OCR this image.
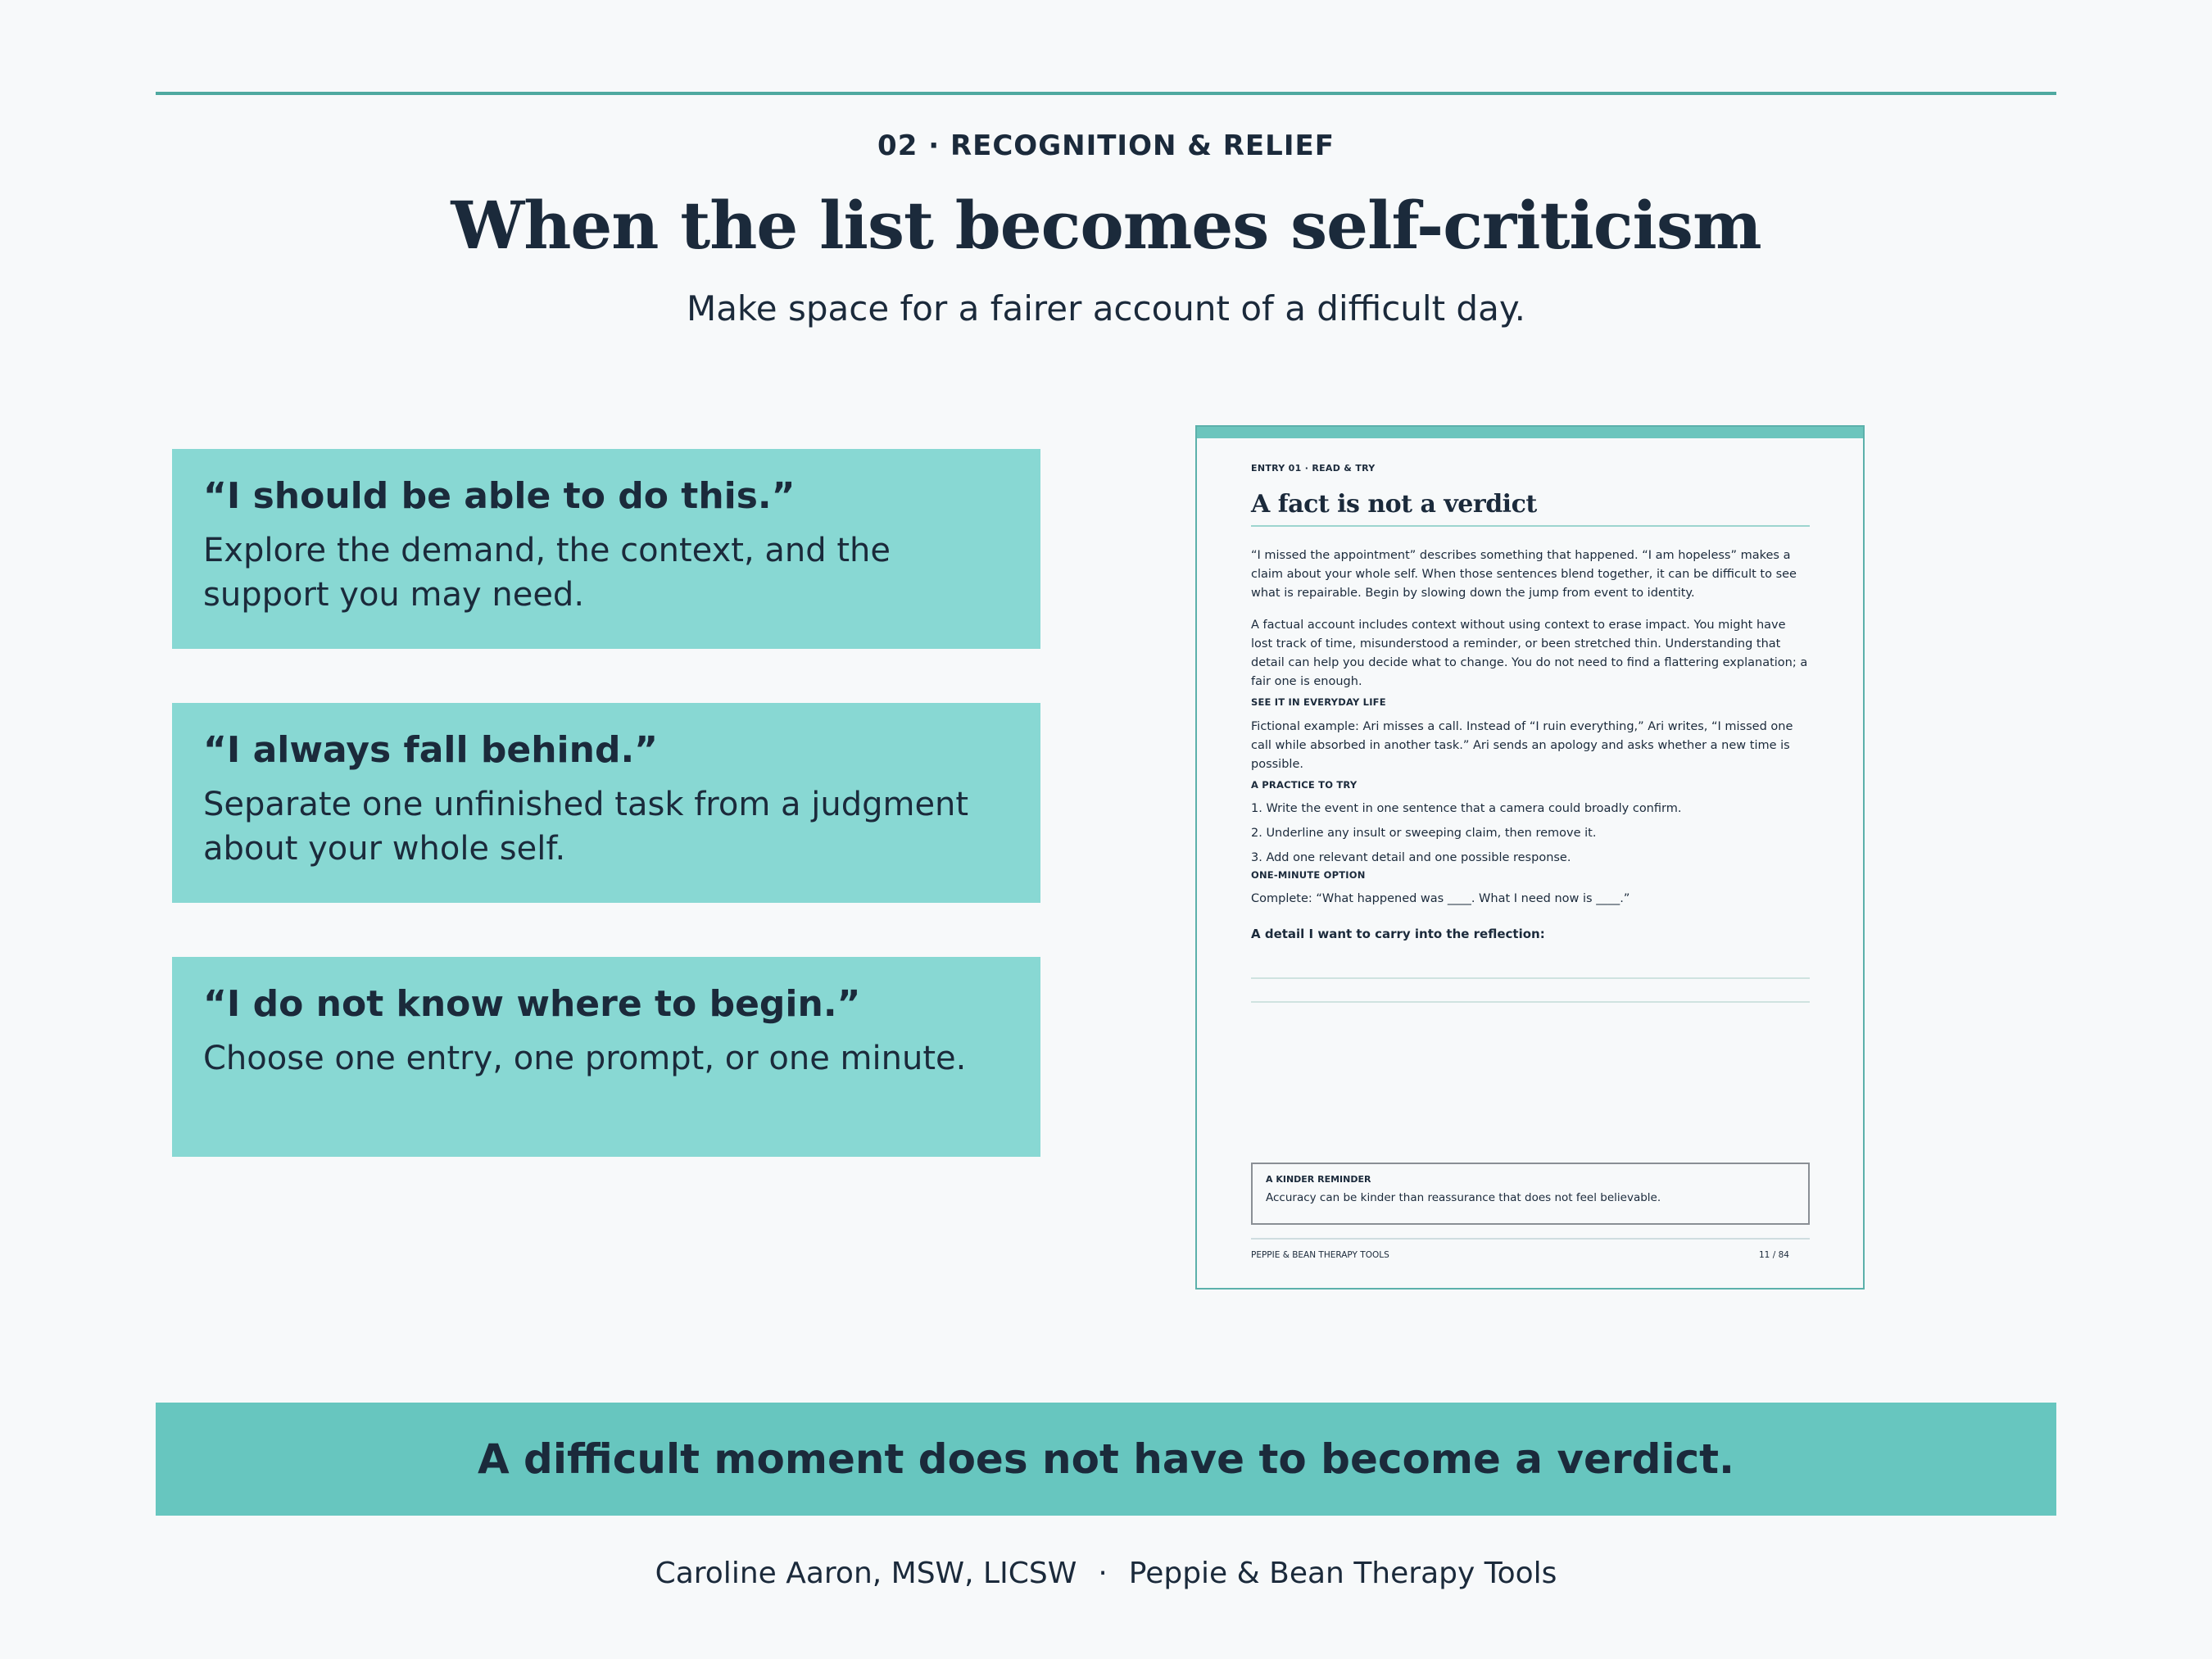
02 · RECOGNITION & RELIEF
When the list becomes self-criticism
Make space for a fairer account of a difficult day.
“I should be able to do this.”
Explore the demand, the context, and the support you may need.
“I always fall behind.”
Separate one unfinished task from a judgment about your whole self.
“I do not know where to begin.”
Choose one entry, one prompt, or one minute.
ENTRY 01 · READ & TRY
A fact is not a verdict
“I missed the appointment” describes something that happened. “I am hopeless” makes a claim about your whole self. When those sentences blend together, it can be difficult to see what is repairable. Begin by slowing down the jump from event to identity.
A factual account includes context without using context to erase impact. You might have lost track of time, misunderstood a reminder, or been stretched thin. Understanding that detail can help you decide what to change. You do not need to find a flattering explanation; a fair one is enough.
SEE IT IN EVERYDAY LIFE
Fictional example: Ari misses a call. Instead of “I ruin everything,” Ari writes, “I missed one call while absorbed in another task.” Ari sends an apology and asks whether a new time is possible.
A PRACTICE TO TRY
1. Write the event in one sentence that a camera could broadly confirm.
2. Underline any insult or sweeping claim, then remove it.
3. Add one relevant detail and one possible response.
ONE-MINUTE OPTION
Complete: “What happened was ____. What I need now is ____.”
A detail I want to carry into the reflection:
A KINDER REMINDER
Accuracy can be kinder than reassurance that does not feel believable.
PEPPIE & BEAN THERAPY TOOLS	11 / 84
A difficult moment does not have to become a verdict.
Caroline Aaron, MSW, LICSW · Peppie & Bean Therapy Tools
